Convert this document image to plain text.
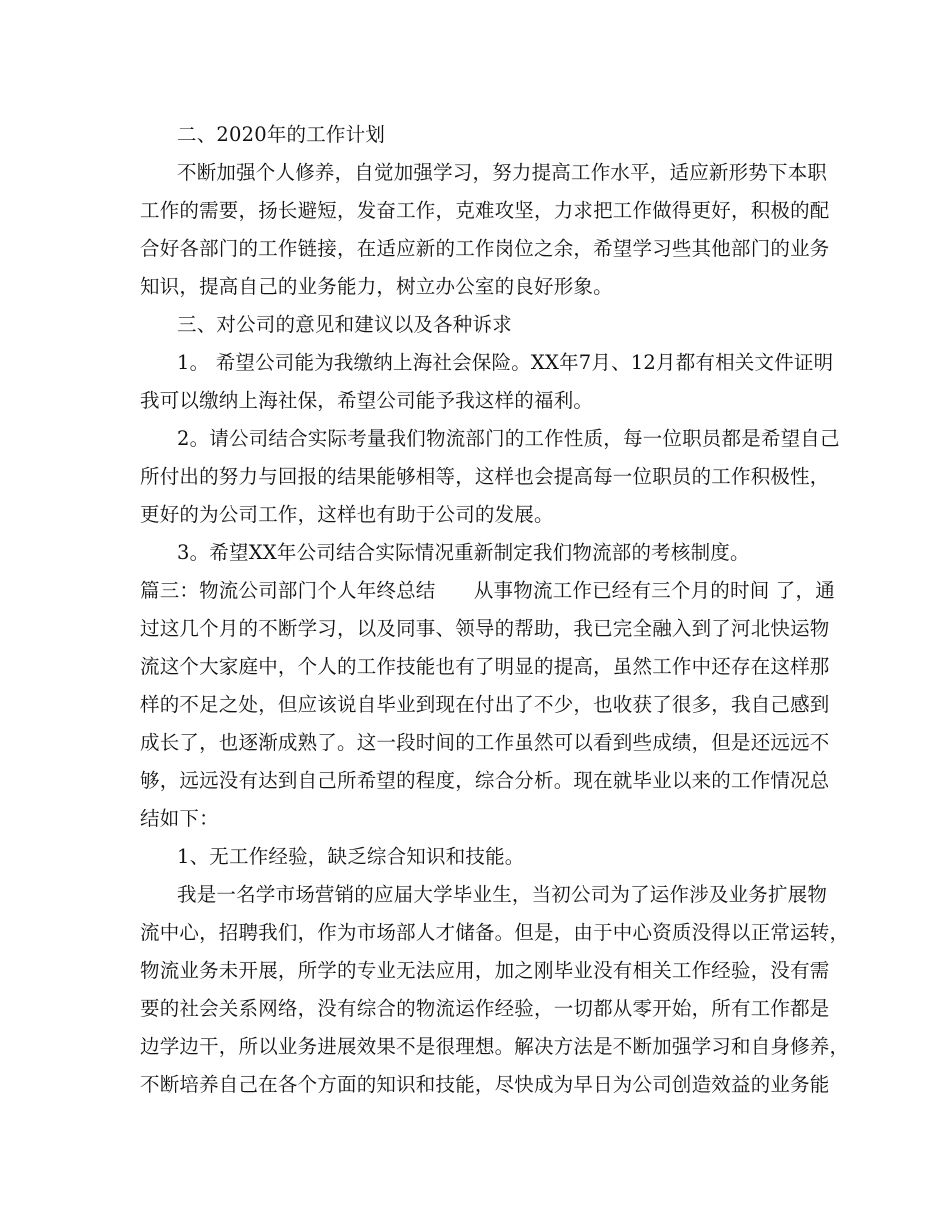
二、2020年的工作计划
不断加强个人修养，自觉加强学习，努力提高工作水平，适应新形势下本职
工作的需要，扬长避短，发奋工作，克难攻坚，力求把工作做得更好，积极的配
合好各部门的工作链接，在适应新的工作岗位之余，希望学习些其他部门的业务
知识，提高自己的业务能力，树立办公室的良好形象。
三、对公司的意见和建议以及各种诉求
1。 希望公司能为我缴纳上海社会保险。XX年7月、12月都有相关文件证明
我可以缴纳上海社保，希望公司能予我这样的福利。
2。请公司结合实际考量我们物流部门的工作性质，每一位职员都是希望自己
所付出的努力与回报的结果能够相等，这样也会提高每一位职员的工作积极性，
更好的为公司工作，这样也有助于公司的发展。
3。希望XX年公司结合实际情况重新制定我们物流部的考核制度。
篇三：物流公司部门个人年终总结      从事物流工作已经有三个月的时间 了，通
过这几个月的不断学习，以及同事、领导的帮助，我已完全融入到了河北快运物
流这个大家庭中，个人的工作技能也有了明显的提高，虽然工作中还存在这样那
样的不足之处，但应该说自毕业到现在付出了不少，也收获了很多，我自己感到
成长了，也逐渐成熟了。这一段时间的工作虽然可以看到些成绩，但是还远远不
够，远远没有达到自己所希望的程度，综合分析。现在就毕业以来的工作情况总
结如下：
1、无工作经验，缺乏综合知识和技能。
我是一名学市场营销的应届大学毕业生，当初公司为了运作涉及业务扩展物
流中心，招聘我们，作为市场部人才储备。但是，由于中心资质没得以正常运转，
物流业务未开展，所学的专业无法应用，加之刚毕业没有相关工作经验，没有需
要的社会关系网络，没有综合的物流运作经验，一切都从零开始，所有工作都是
边学边干，所以业务进展效果不是很理想。解决方法是不断加强学习和自身修养，
不断培养自己在各个方面的知识和技能，尽快成为早日为公司创造效益的业务能
